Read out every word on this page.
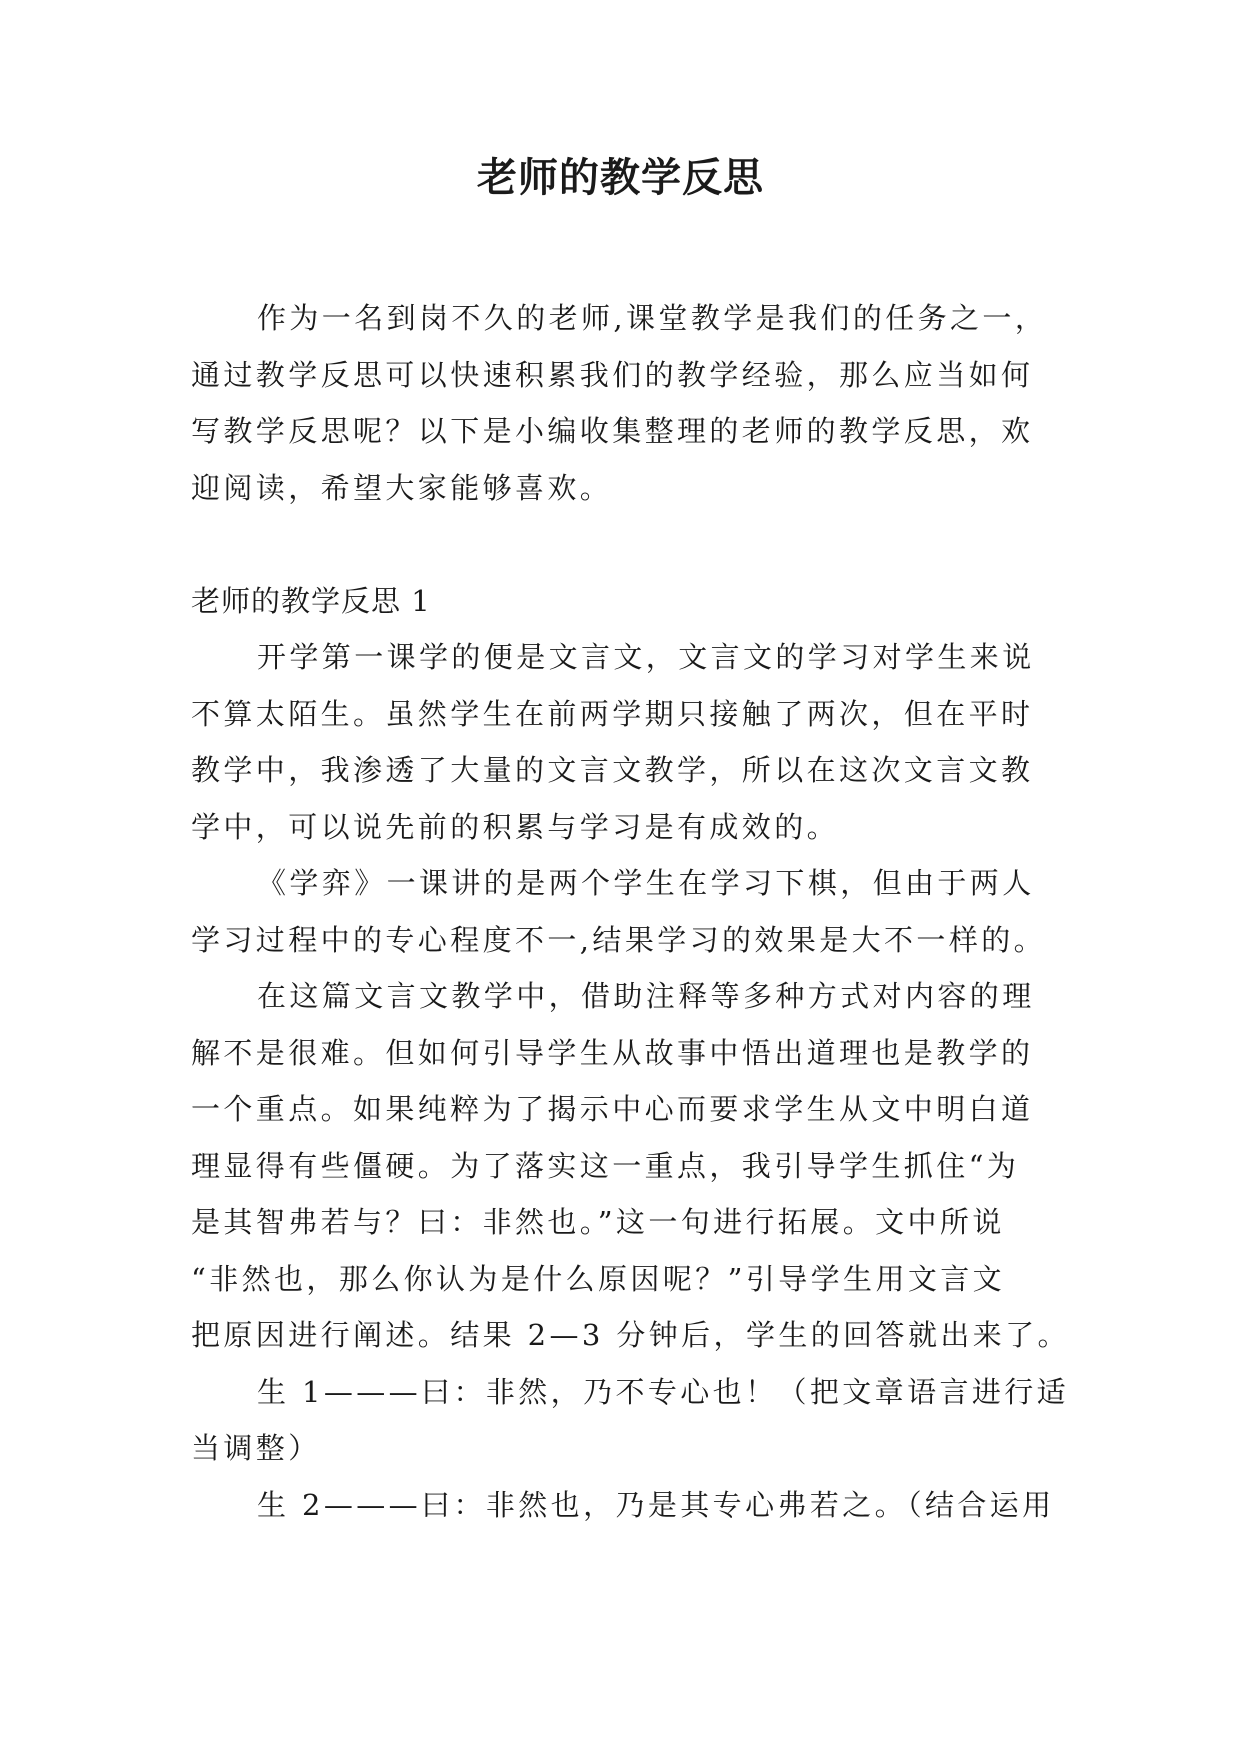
老师的教学反思
作为一名到岗不久的老师,课堂教学是我们的任务之一，
通过教学反思可以快速积累我们的教学经验，那么应当如何
写教学反思呢？以下是小编收集整理的老师的教学反思，欢
迎阅读，希望大家能够喜欢。
老师的教学反思 1
开学第一课学的便是文言文，文言文的学习对学生来说
不算太陌生。虽然学生在前两学期只接触了两次，但在平时
教学中，我渗透了大量的文言文教学，所以在这次文言文教
学中，可以说先前的积累与学习是有成效的。
《学弈》一课讲的是两个学生在学习下棋，但由于两人
学习过程中的专心程度不一,结果学习的效果是大不一样的。
在这篇文言文教学中，借助注释等多种方式对内容的理
解不是很难。但如何引导学生从故事中悟出道理也是教学的
一个重点。如果纯粹为了揭示中心而要求学生从文中明白道
理显得有些僵硬。为了落实这一重点，我引导学生抓住“为
是其智弗若与？曰：非然也。”这一句进行拓展。文中所说
“非然也，那么你认为是什么原因呢？”引导学生用文言文
把原因进行阐述。结果 2—3 分钟后，学生的回答就出来了。
生 1———曰：非然，乃不专心也！（把文章语言进行适
当调整）
生 2———曰：非然也，乃是其专心弗若之。（结合运用
